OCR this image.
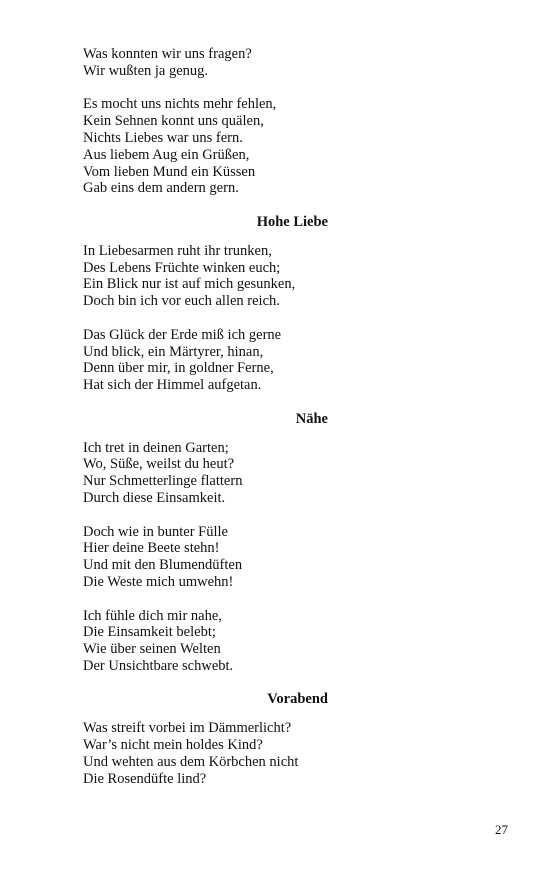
Was konnten wir uns fragen?
Wir wußten ja genug.
Es mocht uns nichts mehr fehlen,
Kein Sehnen konnt uns quälen,
Nichts Liebes war uns fern.
Aus liebem Aug ein Grüßen,
Vom lieben Mund ein Küssen
Gab eins dem andern gern.
Hohe Liebe
In Liebesarmen ruht ihr trunken,
Des Lebens Früchte winken euch;
Ein Blick nur ist auf mich gesunken,
Doch bin ich vor euch allen reich.
Das Glück der Erde miß ich gerne
Und blick, ein Märtyrer, hinan,
Denn über mir, in goldner Ferne,
Hat sich der Himmel aufgetan.
Nähe
Ich tret in deinen Garten;
Wo, Süße, weilst du heut?
Nur Schmetterlinge flattern
Durch diese Einsamkeit.
Doch wie in bunter Fülle
Hier deine Beete stehn!
Und mit den Blumendüften
Die Weste mich umwehn!
Ich fühle dich mir nahe,
Die Einsamkeit belebt;
Wie über seinen Welten
Der Unsichtbare schwebt.
Vorabend
Was streift vorbei im Dämmerlicht?
War’s nicht mein holdes Kind?
Und wehten aus dem Körbchen nicht
Die Rosendüfte lind?
27
